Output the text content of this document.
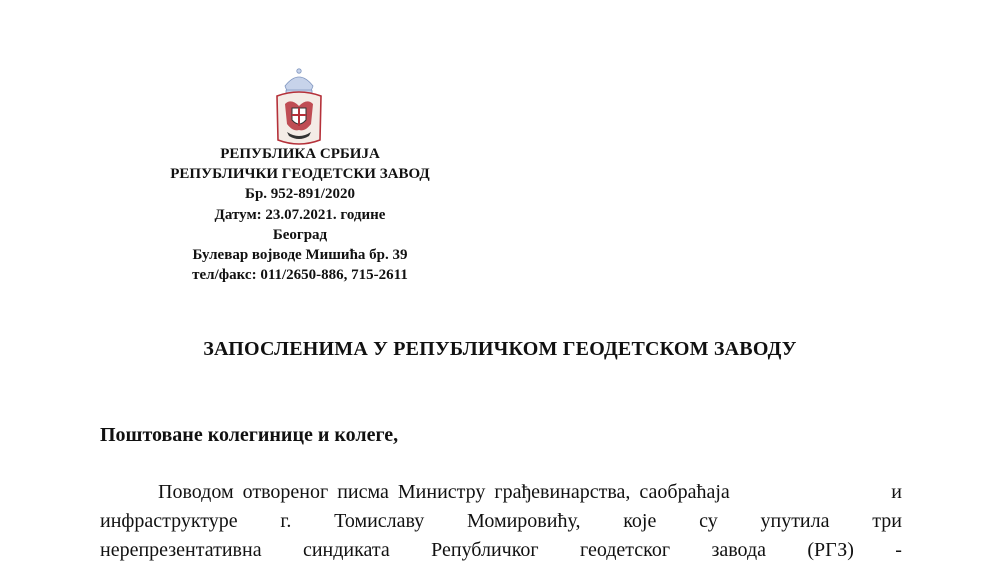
РЕПУБЛИКА СРБИЈА
РЕПУБЛИЧКИ ГЕОДЕТСКИ ЗАВОД
Бр. 952-891/2020
Датум: 23.07.2021. године
Београд
Булевар војводе Мишића бр. 39
тел/факс: 011/2650-886, 715-2611
ЗАПОСЛЕНИМА У РЕПУБЛИЧКОМ ГЕОДЕТСКОМ ЗАВОДУ
Поштоване колегинице и колеге,
Поводом отвореног писма Министру грађевинарства, саобраћаја	и
инфраструктуре г. Томиславу Момировићу, које су упутила три
нерепрезентативна синдиката Републичког геодетског завода (РГЗ) -
